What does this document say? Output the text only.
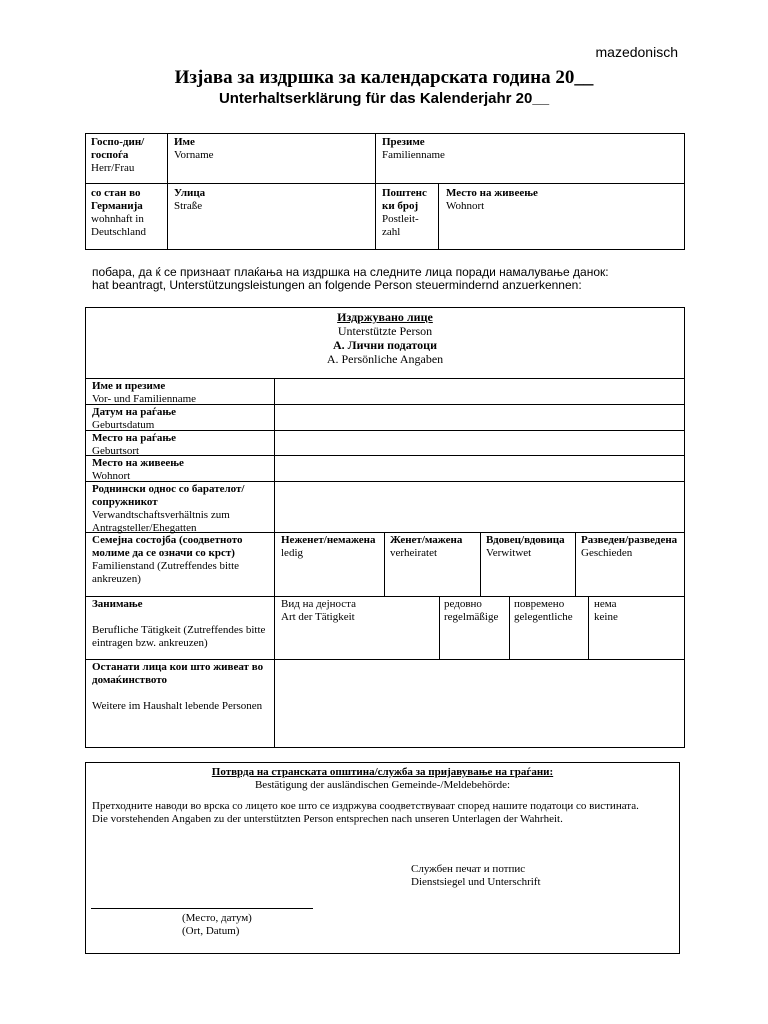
mazedonisch
Изјава за издршка за календарската година 20__
Unterhaltserklärung für das Kalenderjahr 20__
Госпо-дин/госпоѓа
Herr/Frau
Име
Vorname
Презиме
Familienname
со стан во Германија
wohnhaft in Deutschland
Улица
Straße
Поштенс ки број
Postleit-zahl
Место на живеење
Wohnort
побара, да ќ се признаат плаќања на издршка на следните лица поради намалување данок:
hat beantragt, Unterstützungsleistungen an folgende Person steuermindernd anzuerkennen:
Издржувано лице
Unterstützte Person
А. Лични податоци
A. Persönliche Angaben
Име и презиме
Vor- und Familienname
Датум на раѓање
Geburtsdatum
Место на раѓање
Geburtsort
Место на живеење
Wohnort
Роднински однос со барателот/сопружникот
Verwandtschaftsverhältnis zum Antragsteller/Ehegatten
Семејна состојба (соодветното молиме да се означи со крст)
Familienstand (Zutreffendes bitte ankreuzen)
Неженет/немажена
ledig
Женет/мажена
verheiratet
Вдовец/вдовица
Verwitwet
Разведен/разведена
Geschieden
Занимање
Berufliche Tätigkeit (Zutreffendes bitte eintragen bzw. ankreuzen)
Вид на дејноста
Art der Tätigkeit
редовно
regelmäßige
повремено
gelegentliche
нема
keine
Останати лица кои што живеат во домаќинството
Weitere im Haushalt lebende Personen
Потврда на странската општина/служба за пријавување на граѓани:
Bestätigung der ausländischen Gemeinde-/Meldebehörde:
Претходните наводи во врска со лицето кое што се издржува соодветствуваат според нашите податоци со вистината.
Die vorstehenden Angaben zu der unterstützten Person entsprechen nach unseren Unterlagen der Wahrheit.
Службен печат и потпис
Dienstsiegel und Unterschrift
(Место, датум)
(Ort, Datum)
